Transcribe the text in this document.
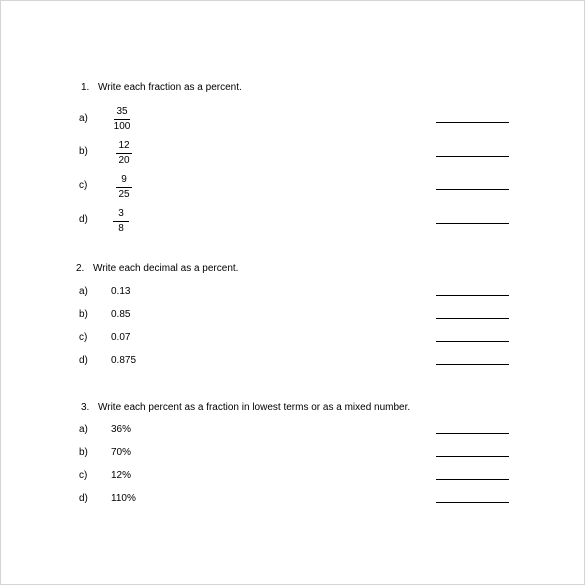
1. Write each fraction as a percent.
a)
35
100
b)
12
20
c)
9
25
d)
3
8
2. Write each decimal as a percent.
a) 0.13
b) 0.85
c) 0.07
d) 0.875
3. Write each percent as a fraction in lowest terms or as a mixed number.
a) 36%
b) 70%
c) 12%
d) 110%
